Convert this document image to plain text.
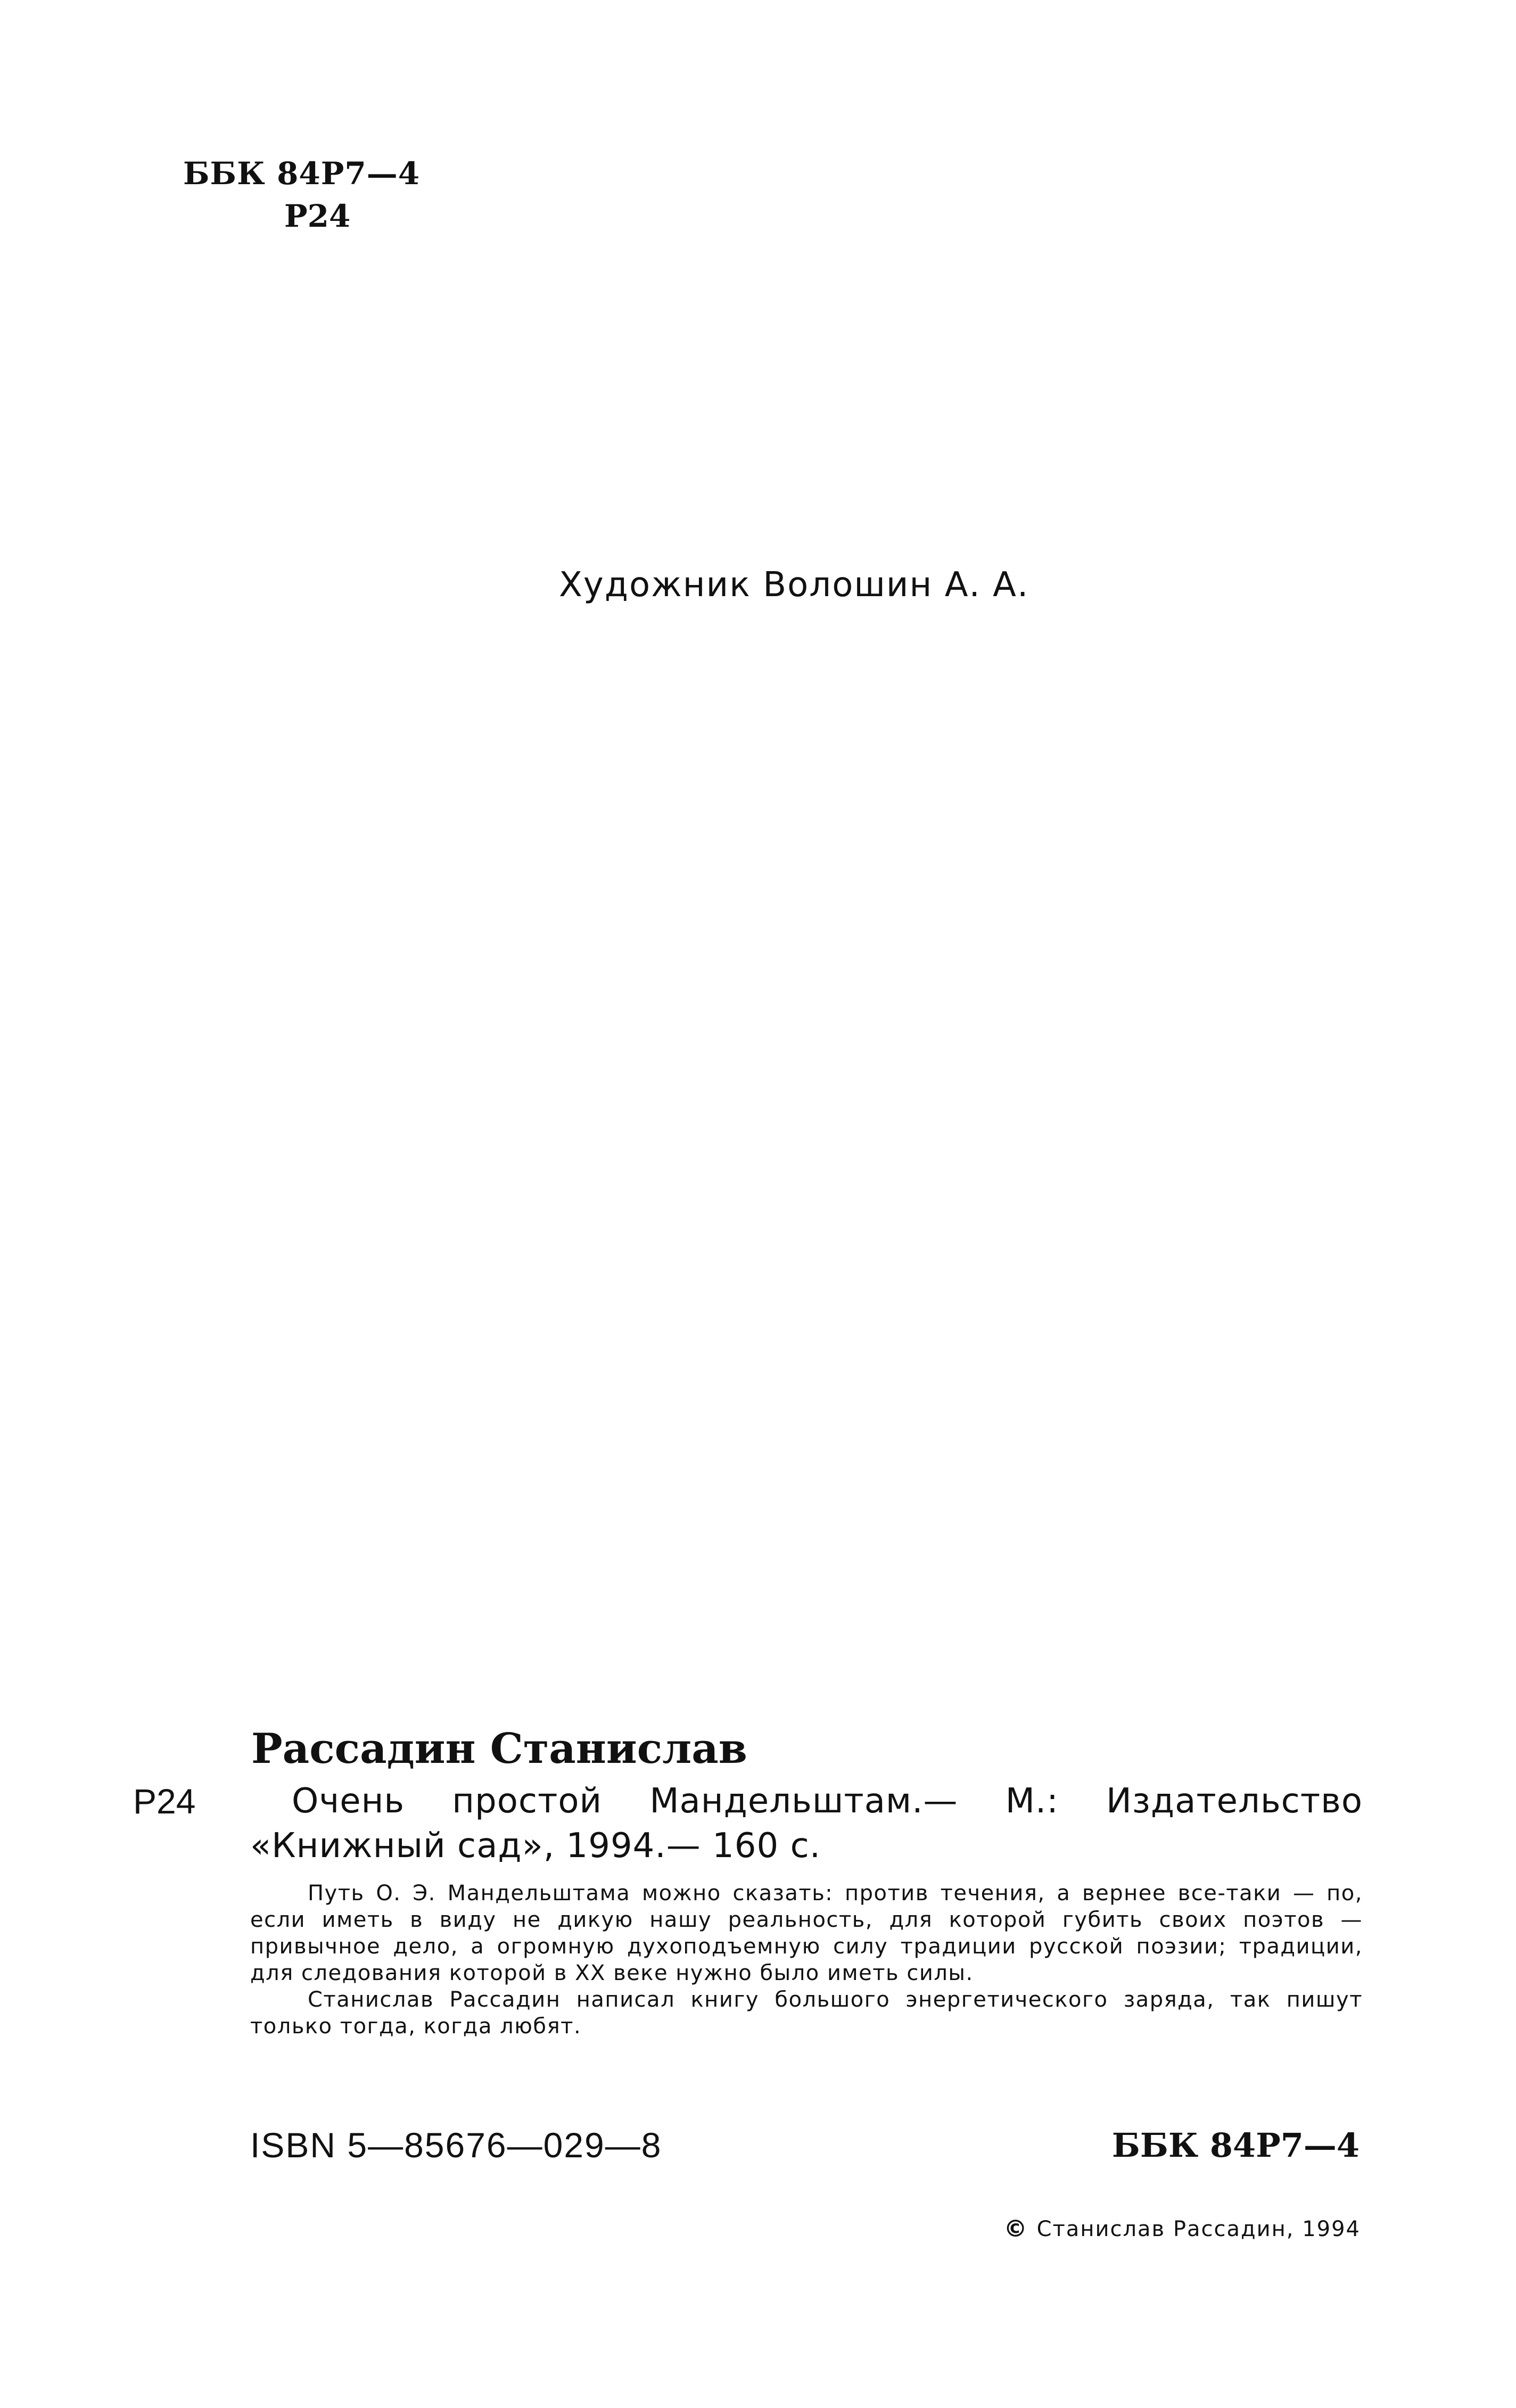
ББК 84Р7—4
Р24
Художник Волошин А. А.
Рассадин Станислав
Р24	Очень простой Мандельштам.— М.: Издательство «Книжный сад», 1994.— 160 с.

Путь О. Э. Мандельштама можно сказать: против течения, а вернее все-таки — по, если иметь в виду не дикую нашу реальность, для которой губить своих поэтов — привычное дело, а огромную духоподъемную силу традиции русской поэзии; традиции, для следования которой в XX веке нужно было иметь силы.

Станислав Рассадин написал книгу большого энергетического заряда, так пишут только тогда, когда любят.

ISBN 5—85676—029—8	ББК 84Р7—4
© Станислав Рассадин, 1994
